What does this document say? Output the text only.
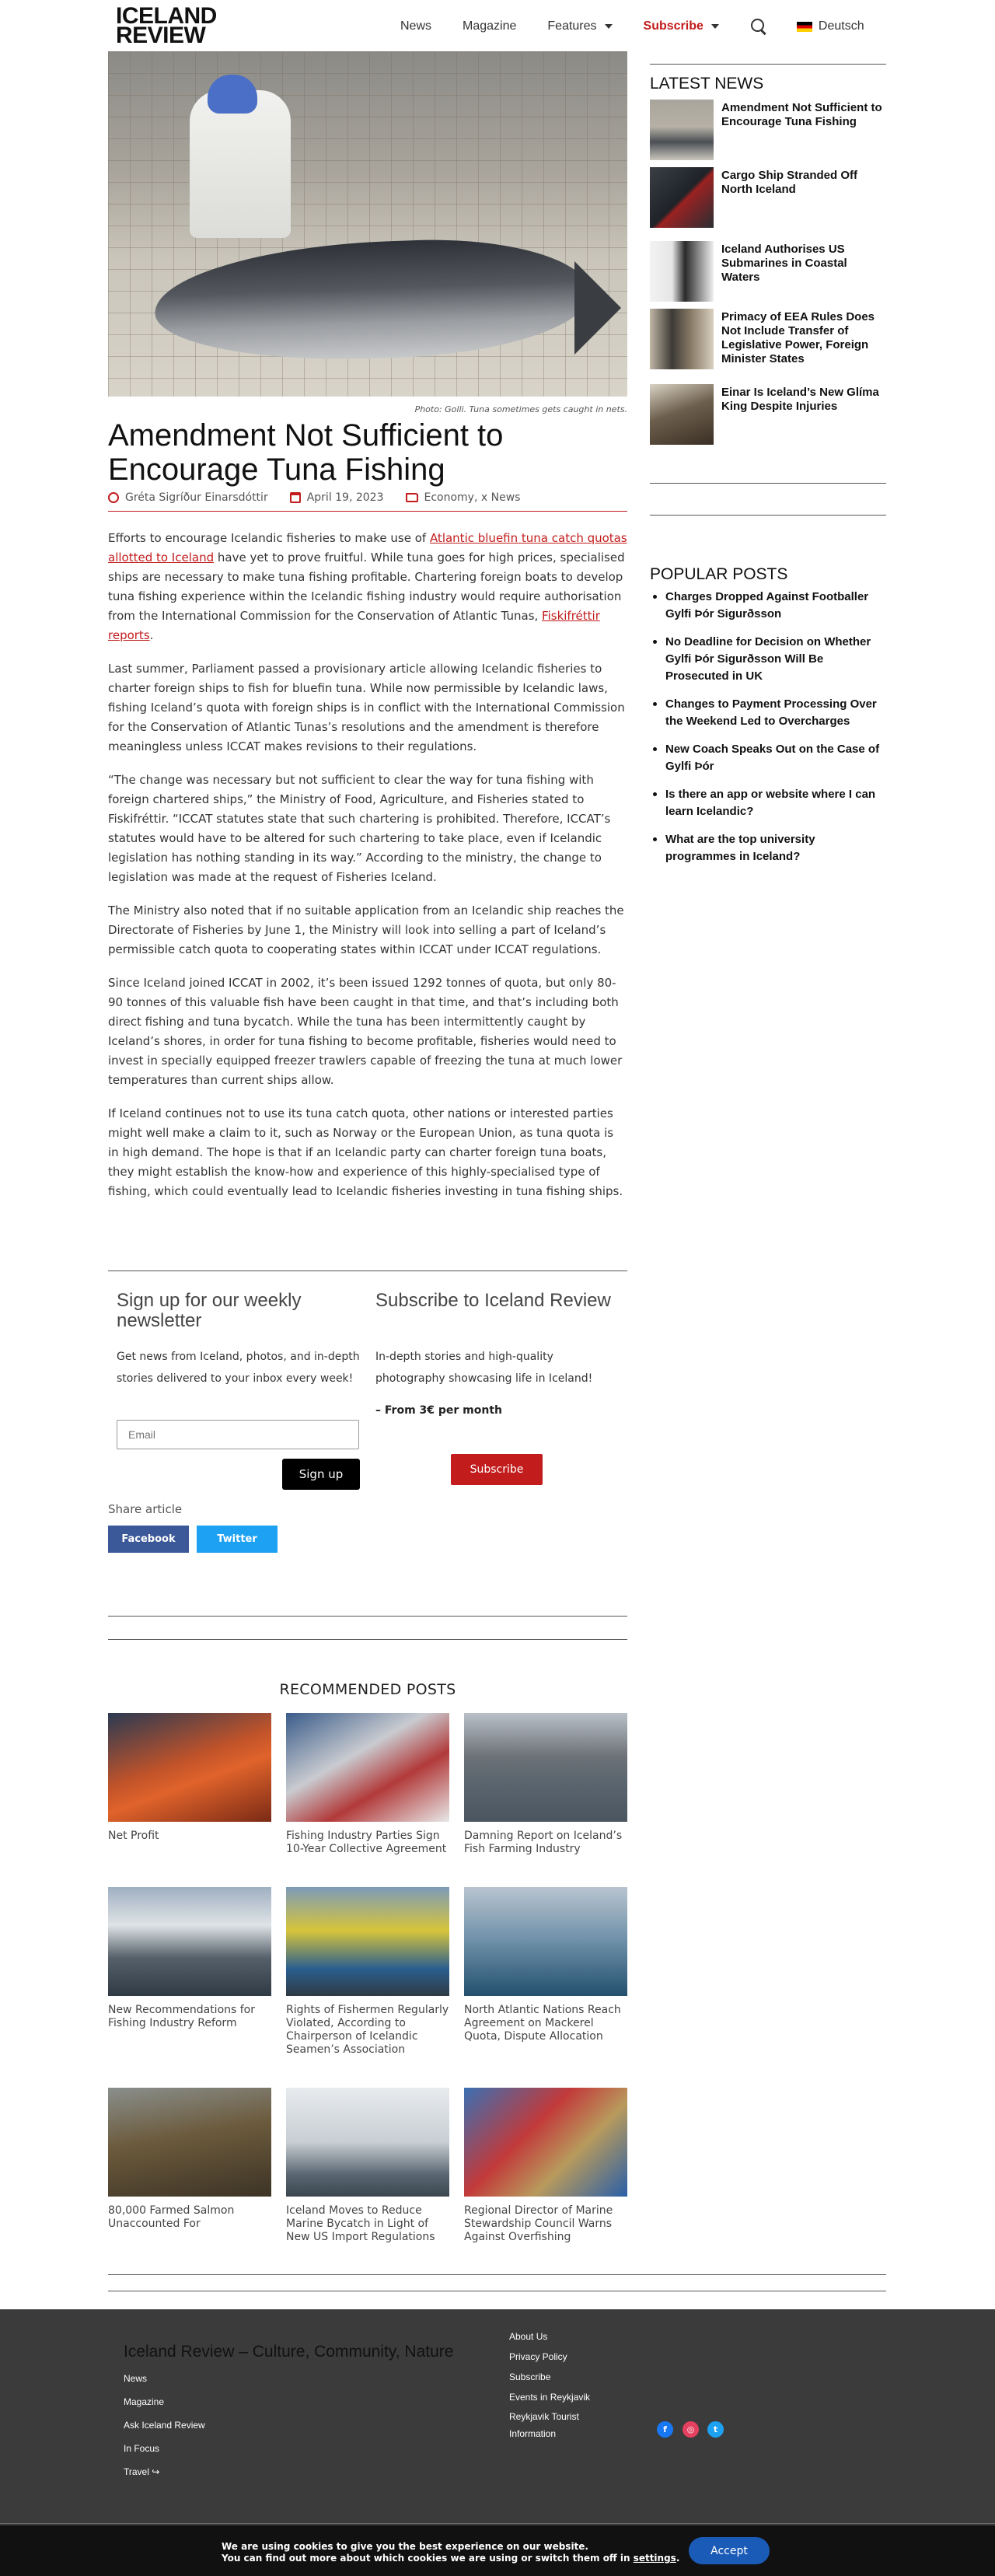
ICELAND
REVIEW	News	Magazine	Features	Subscribe	Deutsch
Photo: Golli. Tuna sometimes gets caught in nets.
Amendment Not Sufficient to Encourage Tuna Fishing
Gréta Sigríður Einarsdóttir	April 19, 2023	Economy, x News

Efforts to encourage Icelandic fisheries to make use of Atlantic bluefin tuna catch quotas allotted to Iceland have yet to prove fruitful. While tuna goes for high prices, specialised ships are necessary to make tuna fishing profitable. Chartering foreign boats to develop tuna fishing experience within the Icelandic fishing industry would require authorisation from the International Commission for the Conservation of Atlantic Tunas, Fiskifréttir reports.

Last summer, Parliament passed a provisionary article allowing Icelandic fisheries to charter foreign ships to fish for bluefin tuna. While now permissible by Icelandic laws, fishing Iceland’s quota with foreign ships is in conflict with the International Commission for the Conservation of Atlantic Tunas’s resolutions and the amendment is therefore meaningless unless ICCAT makes revisions to their regulations.

“The change was necessary but not sufficient to clear the way for tuna fishing with foreign chartered ships,” the Ministry of Food, Agriculture, and Fisheries stated to Fiskifréttir. “ICCAT statutes state that such chartering is prohibited. Therefore, ICCAT’s statutes would have to be altered for such chartering to take place, even if Icelandic legislation has nothing standing in its way.” According to the ministry, the change to legislation was made at the request of Fisheries Iceland.

The Ministry also noted that if no suitable application from an Icelandic ship reaches the Directorate of Fisheries by June 1, the Ministry will look into selling a part of Iceland’s permissible catch quota to cooperating states within ICCAT under ICCAT regulations.

Since Iceland joined ICCAT in 2002, it’s been issued 1292 tonnes of quota, but only 80-90 tonnes of this valuable fish have been caught in that time, and that’s including both direct fishing and tuna bycatch. While the tuna has been intermittently caught by Iceland’s shores, in order for tuna fishing to become profitable, fisheries would need to invest in specially equipped freezer trawlers capable of freezing the tuna at much lower temperatures than current ships allow.

If Iceland continues not to use its tuna catch quota, other nations or interested parties might well make a claim to it, such as Norway or the European Union, as tuna quota is in high demand. The hope is that if an Icelandic party can charter foreign tuna boats, they might establish the know-how and experience of this highly-specialised type of fishing, which could eventually lead to Icelandic fisheries investing in tuna fishing ships.

Sign up for our weekly newsletter
Get news from Iceland, photos, and in-depth stories delivered to your inbox every week!
Email
Sign up
Subscribe to Iceland Review
In-depth stories and high-quality photography showcasing life in Iceland!
– From 3€ per month
Subscribe
Share article
Facebook	Twitter
RECOMMENDED POSTS
Net Profit	Fishing Industry Parties Sign 10-Year Collective Agreement
Damning Report on Iceland’s Fish Farming Industry
New Recommendations for Fishing Industry Reform
Rights of Fishermen Regularly Violated, According to Chairperson of Icelandic Seamen’s Association
North Atlantic Nations Reach Agreement on Mackerel Quota, Dispute Allocation
80,000 Farmed Salmon Unaccounted For
Iceland Moves to Reduce Marine Bycatch in Light of New US Import Regulations
Regional Director of Marine Stewardship Council Warns Against Overfishing
LATEST NEWS
Amendment Not Sufficient to Encourage Tuna Fishing
Cargo Ship Stranded Off North Iceland
Iceland Authorises US Submarines in Coastal Waters
Primacy of EEA Rules Does Not Include Transfer of Legislative Power, Foreign Minister States
Einar Is Iceland’s New Glíma King Despite Injuries
POPULAR POSTS
Charges Dropped Against Footballer Gylfi Þór Sigurðsson
No Deadline for Decision on Whether Gylfi Þór Sigurðsson Will Be Prosecuted in UK
Changes to Payment Processing Over the Weekend Led to Overcharges
New Coach Speaks Out on the Case of Gylfi Þór
Is there an app or website where I can learn Icelandic?
What are the top university programmes in Iceland?
Iceland Review – Culture, Community, Nature
News
Magazine
Ask Iceland Review
In Focus
Travel ↪
About Us
Privacy Policy
Subscribe
Events in Reykjavik
Reykjavik Tourist Information	f	◎	t
We are using cookies to give you the best experience on our website.
You can find out more about which cookies we are using or switch them off in settings.
Accept
